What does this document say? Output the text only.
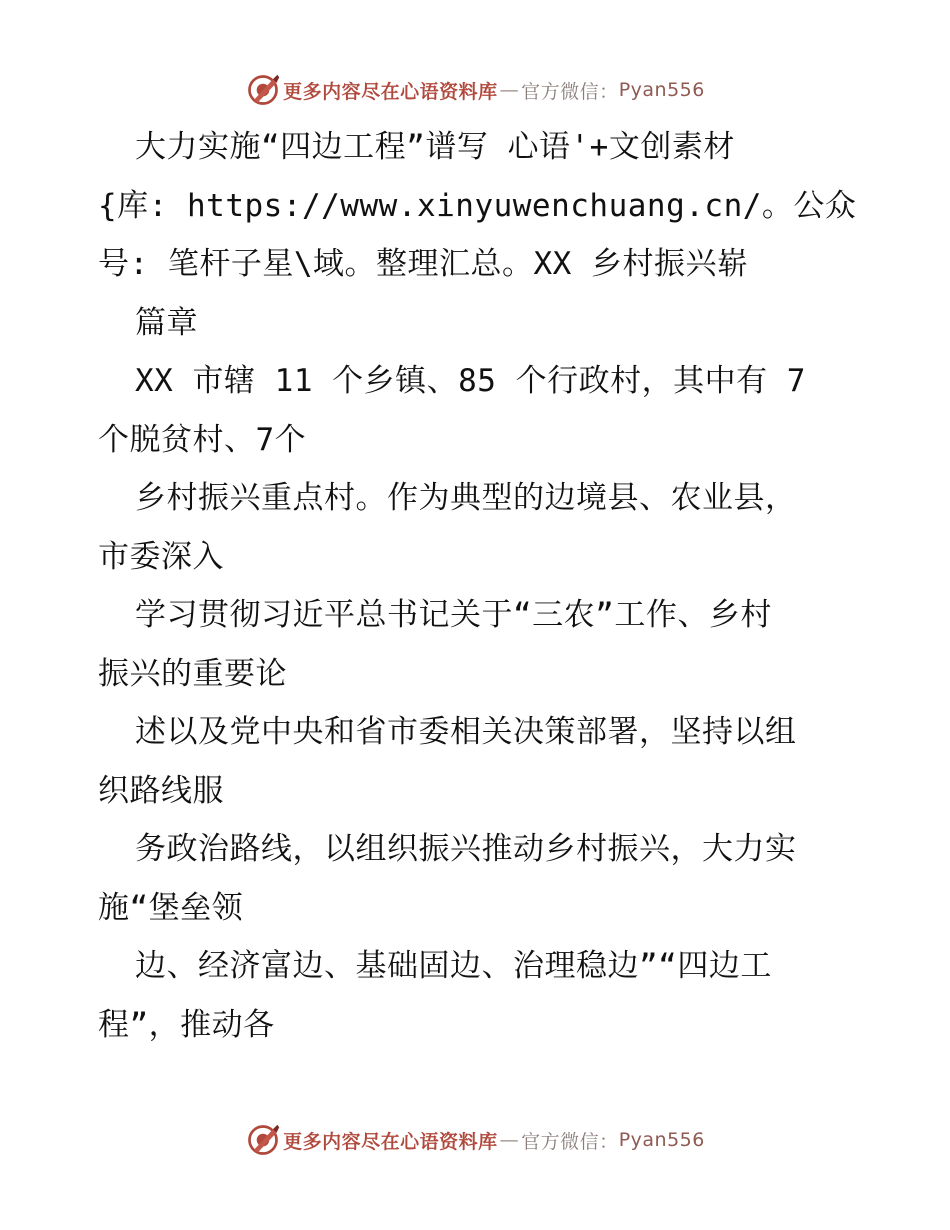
更多内容尽在心语资料库 — 官方微信： Pyan556
大力实施“四边工程”谱写 心语'+文创素材
{库: https://www.xinyuwenchuang.cn/。公众
号: 笔杆子星\域。整理汇总。XX 乡村振兴崭
篇章
XX 市辖 11 个乡镇、85 个行政村，其中有 7
个脱贫村、7个
乡村振兴重点村。作为典型的边境县、农业县，
市委深入
学习贯彻习近平总书记关于“三农”工作、乡村
振兴的重要论
述以及党中央和省市委相关决策部署，坚持以组
织路线服
务政治路线，以组织振兴推动乡村振兴，大力实
施“堡垒领
边、经济富边、基础固边、治理稳边”“四边工
程”，推动各
更多内容尽在心语资料库 — 官方微信： Pyan556
